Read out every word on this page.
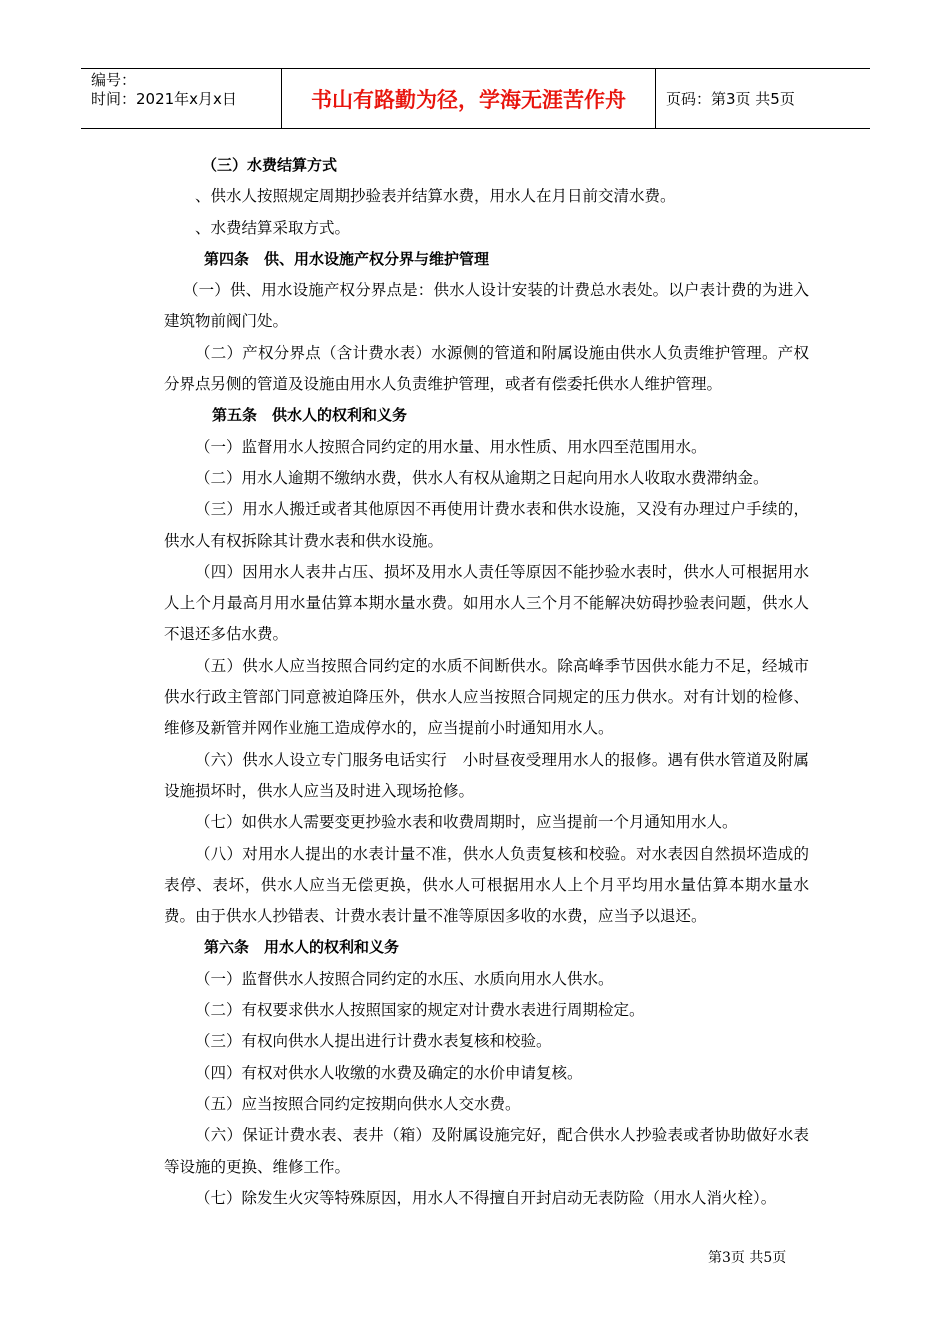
编号：
时间：2021年x月x日	书山有路勤为径，学海无涯苦作舟	页码：第3页 共5页

（三）水费结算方式

、供水人按照规定周期抄验表并结算水费，用水人在月日前交清水费。

、水费结算采取方式。

第四条　供、用水设施产权分界与维护管理

（一）供、用水设施产权分界点是：供水人设计安装的计费总水表处。以户表计费的为进入建筑物前阀门处。

（二）产权分界点（含计费水表）水源侧的管道和附属设施由供水人负责维护管理。产权分界点另侧的管道及设施由用水人负责维护管理，或者有偿委托供水人维护管理。

第五条　供水人的权利和义务

（一）监督用水人按照合同约定的用水量、用水性质、用水四至范围用水。

（二）用水人逾期不缴纳水费，供水人有权从逾期之日起向用水人收取水费滞纳金。

（三）用水人搬迁或者其他原因不再使用计费水表和供水设施，又没有办理过户手续的，供水人有权拆除其计费水表和供水设施。

（四）因用水人表井占压、损坏及用水人责任等原因不能抄验水表时，供水人可根据用水人上个月最高月用水量估算本期水量水费。如用水人三个月不能解决妨碍抄验表问题，供水人不退还多估水费。

（五）供水人应当按照合同约定的水质不间断供水。除高峰季节因供水能力不足，经城市供水行政主管部门同意被迫降压外，供水人应当按照合同规定的压力供水。对有计划的检修、维修及新管并网作业施工造成停水的，应当提前小时通知用水人。

（六）供水人设立专门服务电话实行　小时昼夜受理用水人的报修。遇有供水管道及附属设施损坏时，供水人应当及时进入现场抢修。

（七）如供水人需要变更抄验水表和收费周期时，应当提前一个月通知用水人。

（八）对用水人提出的水表计量不准，供水人负责复核和校验。对水表因自然损坏造成的表停、表坏，供水人应当无偿更换，供水人可根据用水人上个月平均用水量估算本期水量水费。由于供水人抄错表、计费水表计量不准等原因多收的水费，应当予以退还。

第六条　用水人的权利和义务

（一）监督供水人按照合同约定的水压、水质向用水人供水。

（二）有权要求供水人按照国家的规定对计费水表进行周期检定。

（三）有权向供水人提出进行计费水表复核和校验。

（四）有权对供水人收缴的水费及确定的水价申请复核。

（五）应当按照合同约定按期向供水人交水费。

（六）保证计费水表、表井（箱）及附属设施完好，配合供水人抄验表或者协助做好水表等设施的更换、维修工作。

（七）除发生火灾等特殊原因，用水人不得擅自开封启动无表防险（用水人消火栓）。

第3页 共5页
